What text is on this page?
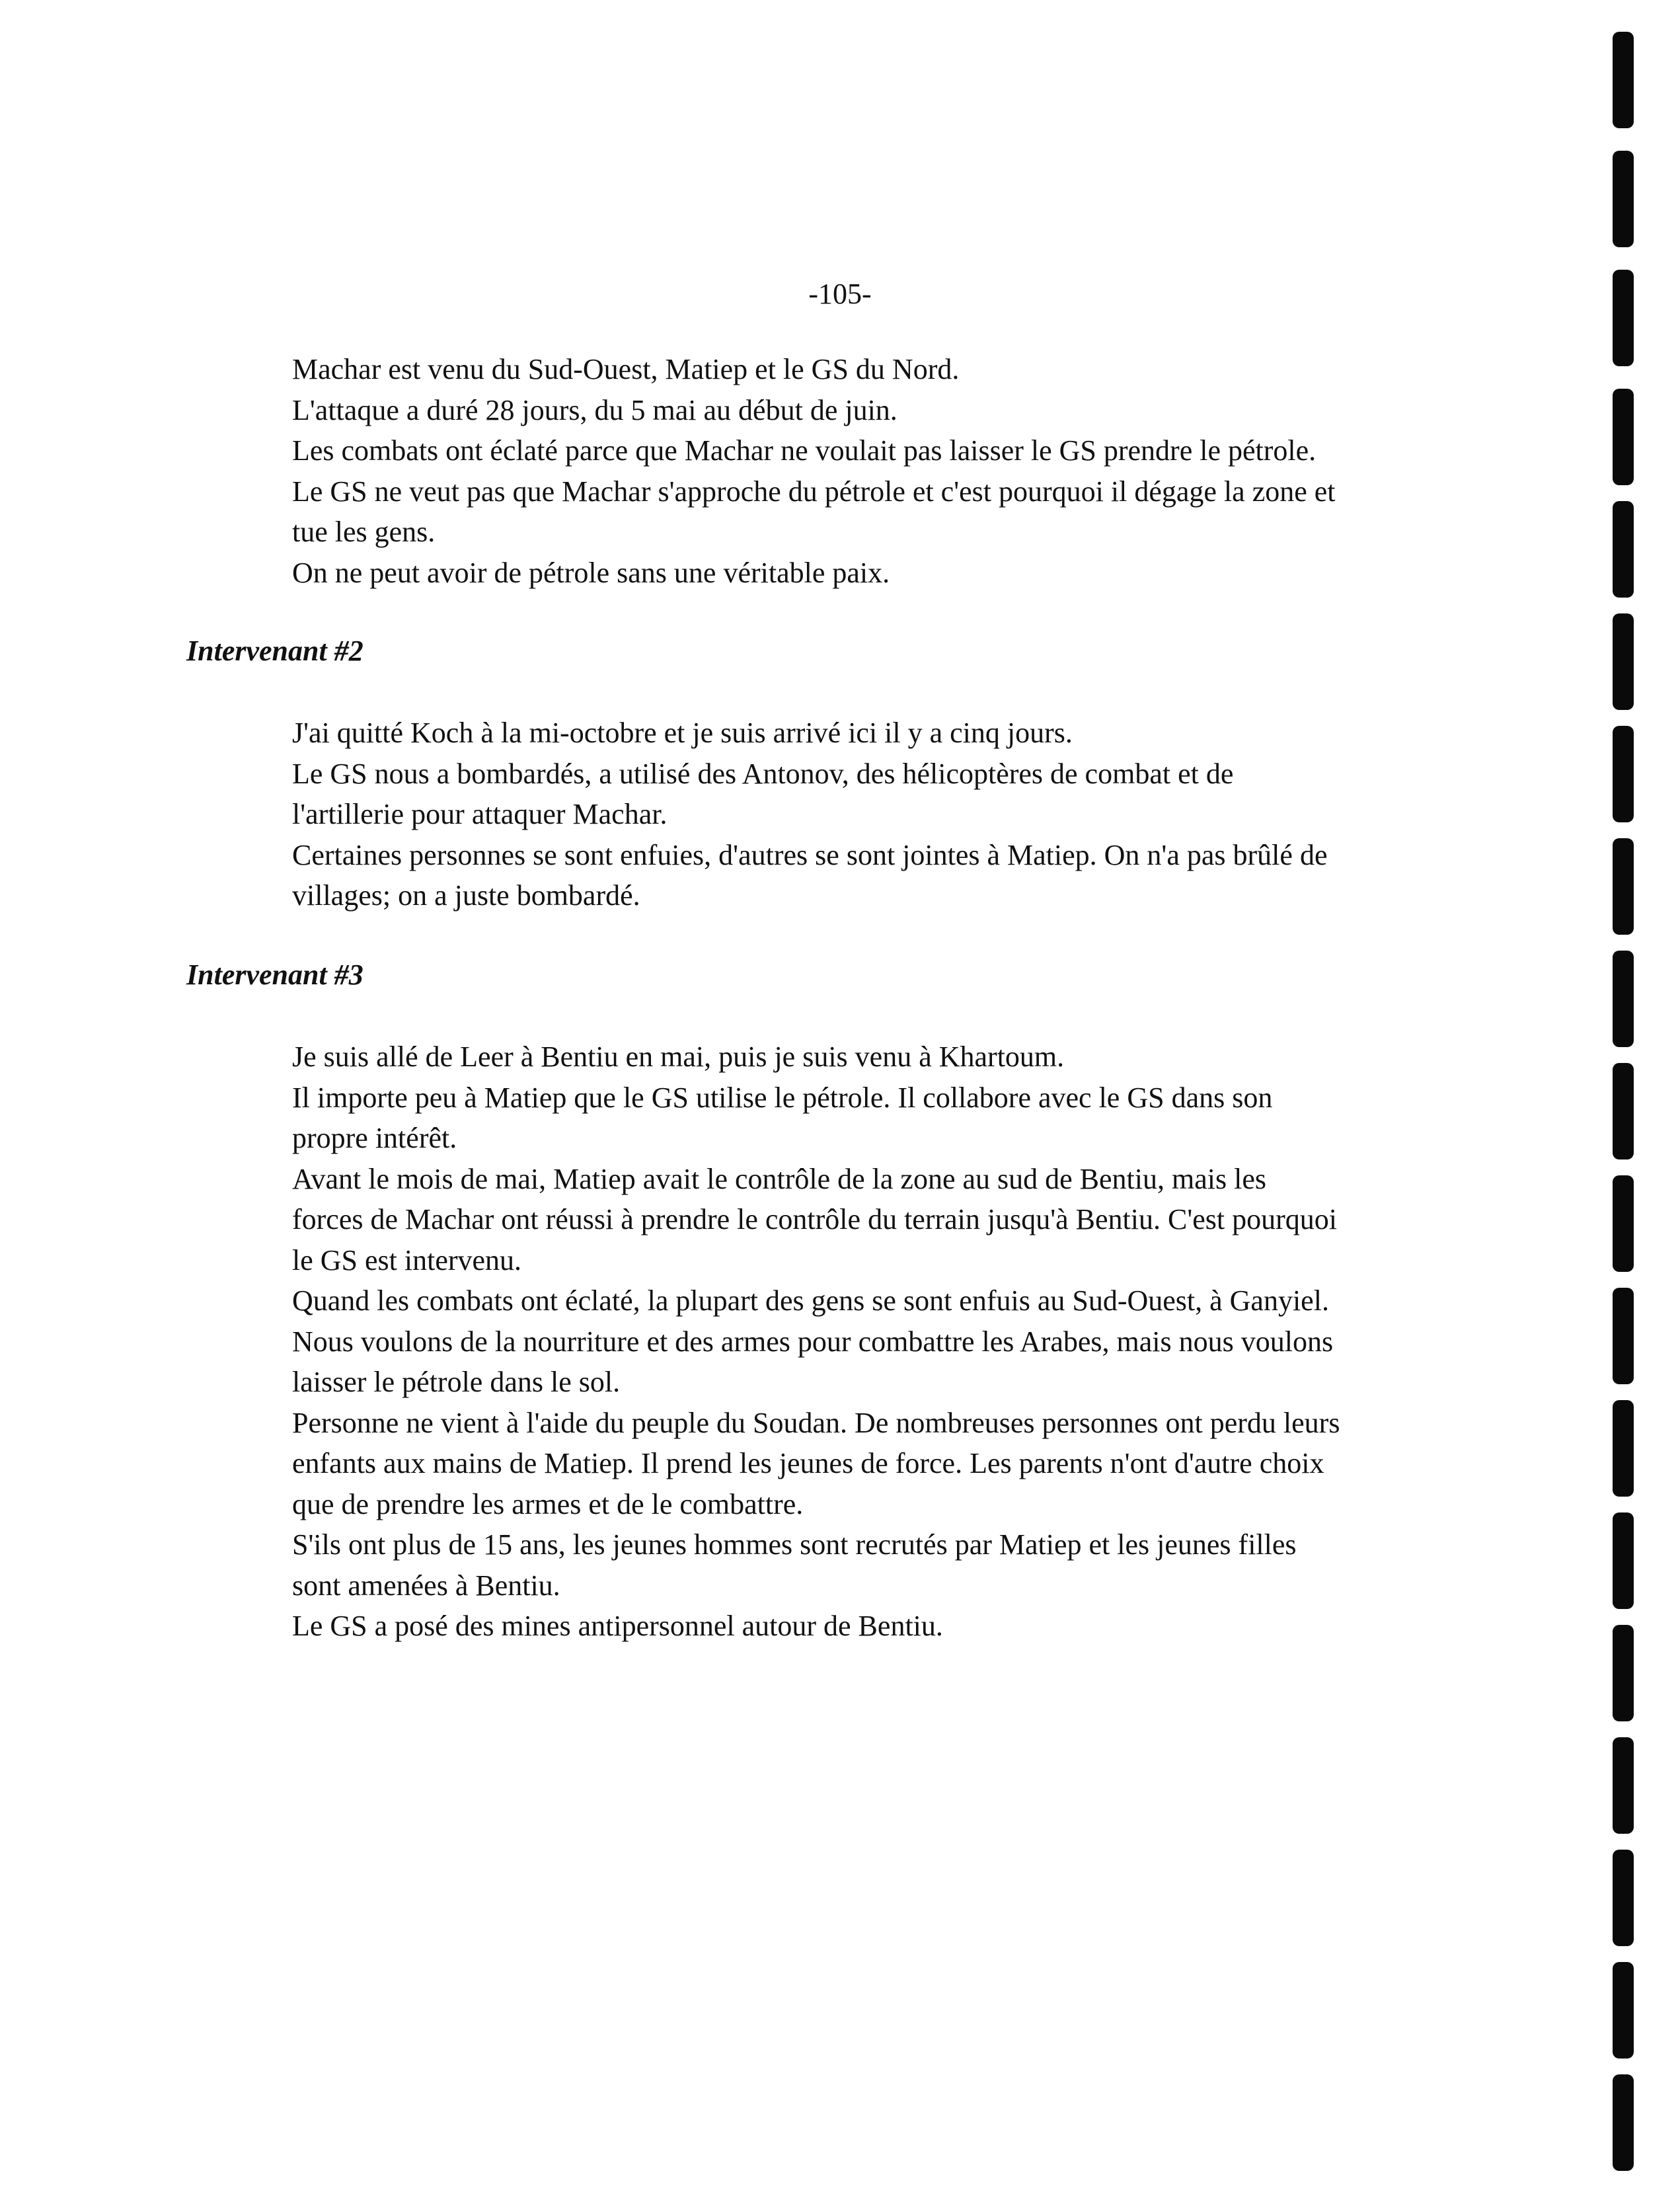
-105-
Machar est venu du Sud-Ouest, Matiep et le GS du Nord.
L'attaque a duré 28 jours, du 5 mai au début de juin.
Les combats ont éclaté parce que Machar ne voulait pas laisser le GS prendre le pétrole.
Le GS ne veut pas que Machar s'approche du pétrole et c'est pourquoi il dégage la zone et
tue les gens.
On ne peut avoir de pétrole sans une véritable paix.
Intervenant #2
J'ai quitté Koch à la mi-octobre et je suis arrivé ici il y a cinq jours.
Le GS nous a bombardés, a utilisé des Antonov, des hélicoptères de combat et de
l'artillerie pour attaquer Machar.
Certaines personnes se sont enfuies, d'autres se sont jointes à Matiep. On n'a pas brûlé de
villages; on a juste bombardé.
Intervenant #3
Je suis allé de Leer à Bentiu en mai, puis je suis venu à Khartoum.
Il importe peu à Matiep que le GS utilise le pétrole. Il collabore avec le GS dans son
propre intérêt.
Avant le mois de mai, Matiep avait le contrôle de la zone au sud de Bentiu, mais les
forces de Machar ont réussi à prendre le contrôle du terrain jusqu'à Bentiu. C'est pourquoi
le GS est intervenu.
Quand les combats ont éclaté, la plupart des gens se sont enfuis au Sud-Ouest, à Ganyiel.
Nous voulons de la nourriture et des armes pour combattre les Arabes, mais nous voulons
laisser le pétrole dans le sol.
Personne ne vient à l'aide du peuple du Soudan. De nombreuses personnes ont perdu leurs
enfants aux mains de Matiep. Il prend les jeunes de force. Les parents n'ont d'autre choix
que de prendre les armes et de le combattre.
S'ils ont plus de 15 ans, les jeunes hommes sont recrutés par Matiep et les jeunes filles
sont amenées à Bentiu.
Le GS a posé des mines antipersonnel autour de Bentiu.
